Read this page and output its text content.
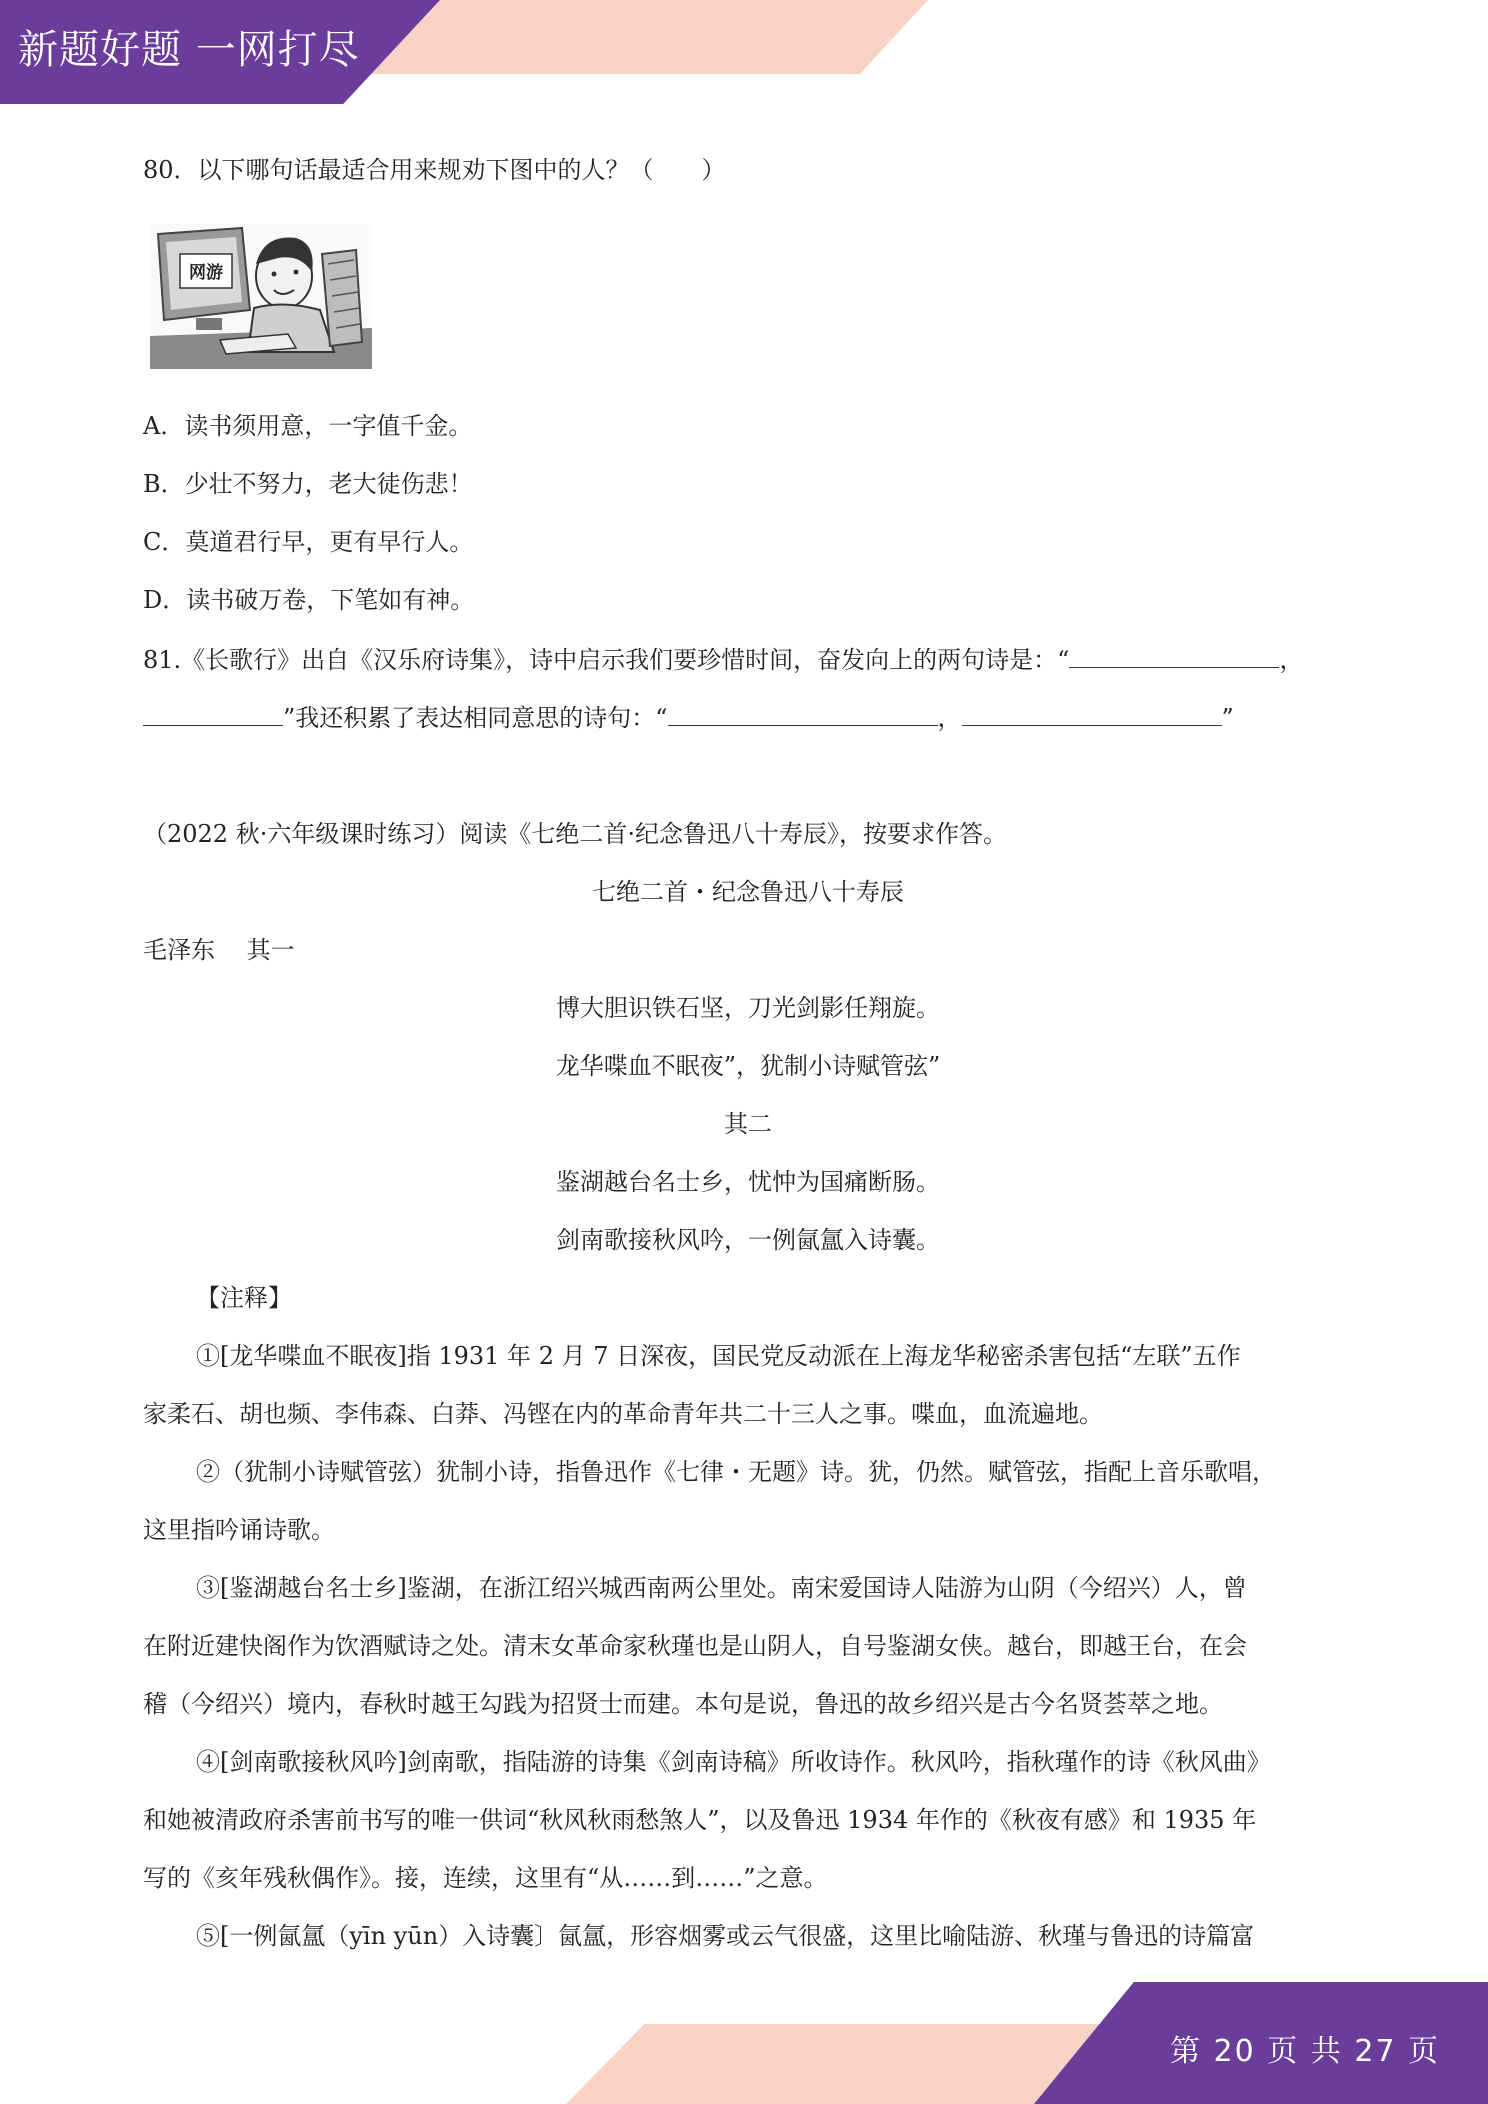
新题好题 一网打尽
80．以下哪句话最适合用来规劝下图中的人？（　　）
网游
A．读书须用意，一字值千金。
B．少壮不努力，老大徒伤悲！
C．莫道君行早，更有早行人。
D．读书破万卷，下笔如有神。
81.《长歌行》出自《汉乐府诗集》，诗中启示我们要珍惜时间，奋发向上的两句诗是：“	，
”我还积累了表达相同意思的诗句：“	，	”
（2022 秋·六年级课时练习）阅读《七绝二首·纪念鲁迅八十寿辰》，按要求作答。
七绝二首・纪念鲁迅八十寿辰
毛泽东　 其一
博大胆识铁石坚，刀光剑影任翔旋。
龙华喋血不眠夜”，犹制小诗赋管弦”
其二
鉴湖越台名士乡，忧忡为国痛断肠。
剑南歌接秋风吟，一例氤氲入诗囊。
【注释】
①[龙华喋血不眠夜]指 1931 年 2 月 7 日深夜，国民党反动派在上海龙华秘密杀害包括“左联”五作
家柔石、胡也频、李伟森、白莽、冯铿在内的革命青年共二十三人之事。喋血，血流遍地。
②（犹制小诗赋管弦）犹制小诗，指鲁迅作《七律・无题》诗。犹，仍然。赋管弦，指配上音乐歌唱，
这里指吟诵诗歌。
③[鉴湖越台名士乡]鉴湖，在浙江绍兴城西南两公里处。南宋爱国诗人陆游为山阴（今绍兴）人，曾
在附近建快阁作为饮酒赋诗之处。清末女革命家秋瑾也是山阴人，自号鉴湖女侠。越台，即越王台，在会
稽（今绍兴）境内，春秋时越王勾践为招贤士而建。本句是说，鲁迅的故乡绍兴是古今名贤荟萃之地。
④[剑南歌接秋风吟]剑南歌，指陆游的诗集《剑南诗稿》所收诗作。秋风吟，指秋瑾作的诗《秋风曲》
和她被清政府杀害前书写的唯一供词“秋风秋雨愁煞人”，以及鲁迅 1934 年作的《秋夜有感》和 1935 年
写的《亥年残秋偶作》。接，连续，这里有“从……到……”之意。
⑤[一例氤氲（yīn yūn）入诗囊〕氤氲，形容烟雾或云气很盛，这里比喻陆游、秋瑾与鲁迅的诗篇富
第 20 页 共 27 页
